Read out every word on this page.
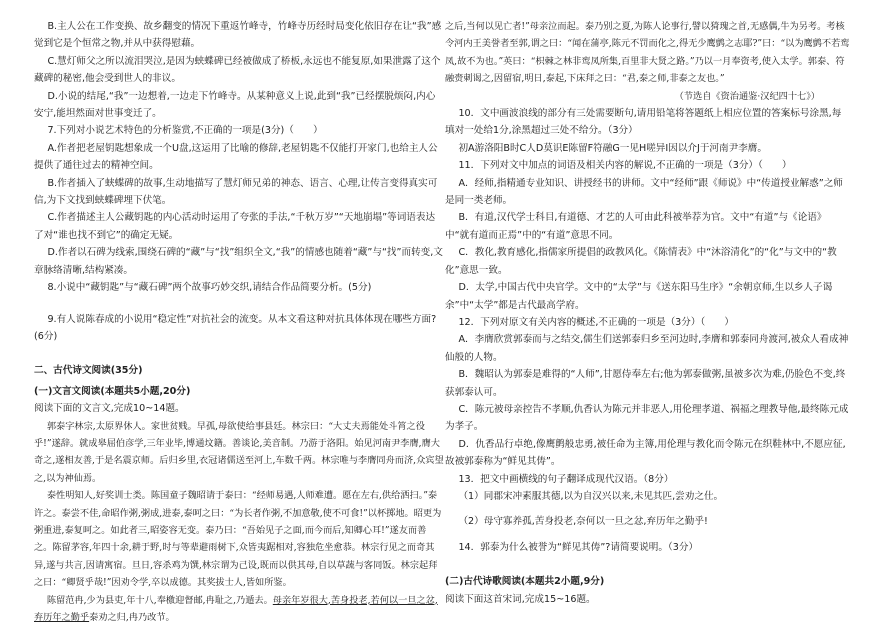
B.主人公在工作变换、故乡翻变的情况下重返竹峰寺，竹峰寺历经时局变化依旧存在让“我”感觉到它是个恒常之物,并从中获得慰藉。

C.慧灯师父之所以流泪哭泣,是因为蛱蝶碑已经被做成了桥板,永远也不能复原,如果泄露了这个藏碑的秘密,他会受到世人的非议。

D.小说的结尾,“我”一边想着,一边走下竹峰寺。从某种意义上说,此到“我”已经摆脱烦闷,内心安宁,能坦然面对世事变迁了。

7.下列对小说艺术特色的分析鉴赏,不正确的一项是(3分)（　　）

A.作者把老屋钥匙想象成一个U盘,这运用了比喻的修辞,老屋钥匙不仅能打开家门,也给主人公提供了通往过去的精神空间。

B.作者插入了蛱蝶碑的故事,生动地描写了慧灯师兄弟的神态、语言、心理,让传言变得真实可信,为下文找到蛱蝶碑埋下伏笔。

C.作者描述主人公藏钥匙的内心活动时运用了夸张的手法,“千秋万岁”“天地崩塌”等词语表达了对“谁也找不到它”的确定无疑。

D.作者以石碑为线索,围绕石碑的“藏”与“找”组织全文,“我”的情感也随着“藏”与“找”而转变,文章脉络清晰,结构紧凑。

8.小说中“藏钥匙”与“藏石碑”两个故事巧妙交织,请结合作品简要分析。(5分)

9.有人说陈春成的小说用“稳定性”对抗社会的流变。从本文看这种对抗具体体现在哪些方面?(6分)

二、古代诗文阅读(35分)

(一)文言文阅读(本题共5小题,20分)

阅读下面的文言文,完成10~14题。

郭泰字林宗,太原界休人。家世贫贱。早孤,母欲使给事县廷。林宗曰：“大丈夫焉能处斗筲之役乎!”遂辞。就成皋屈伯彦学,三年业毕,博通坟籍。善谈论,美音制。乃游于洛阳。始见河南尹李膺,膺大奇之,遂相友善,于是名震京师。后归乡里,衣冠诸儒送至河上,车数千两。林宗唯与李膺同舟而济,众宾望之,以为神仙焉。

泰性明知人,好奖训士类。陈国童子魏昭请于泰曰：“经师易遇,人师难遭。愿在左右,供给洒扫。”泰许之。泰尝不佳,命昭作粥,粥成,进泰,泰呵之曰：“为长者作粥,不加意敬,使不可食!”以杯掷地。昭更为粥重进,泰复呵之。如此者三,昭姿容无变。泰乃曰：“吾始见子之面,而今而后,知卿心耳!”遂友而善之。陈留茅容,年四十余,耕于野,时与等辈避雨树下,众皆夷踞相对,容独危坐愈恭。林宗行见之而奇其异,遂与共言,因请寓宿。旦日,容杀鸡为馔,林宗谓为己设,既而以供其母,自以草蔬与客同饭。林宗起拜之曰：“卿贤乎哉!”因劝令学,卒以成德。其奖拔士人,皆如所鉴。

陈留范冉,少为县吏,年十八,奉檄迎督邮,冉耻之,乃遁去。母亲年岁很大,苦身投老,若何以一旦之忿,弃历年之勤乎泰劝之归,冉乃改节。

之后,当何以见亡者!”母亲泣而起。泰乃别之夏,为陈人论事行,譬以猗瑰之首,无感偶,牛为另考。考核令河内王美誉者至郭,谓之曰：“闻在蒲亭,陈元不罚而化之,得无少鹰鹯之志耶?”曰：“以为鹰鹯不若鸾凤,故不为也。”英曰：“枳棘之林非鸾凤所集,百里非大贤之路。”乃以一月奉资考,使入太学。郭泰、符融赍刺谒之,因留宿,明日,泰起,下床拜之曰：“君,泰之师,非泰之友也。”

（节选自《资治通鉴·汉纪四十七》）

10．文中画波浪线的部分有三处需要断句,请用铅笔将答题纸上相应位置的答案标号涂黑,每填对一处给1分,涂黑超过三处不给分。（3分）

初A游洛阳B时C人D莫识E陈留F符融G一见H嗟异I因以介J于河南尹李膺。

11．下列对文中加点的词语及相关内容的解说,不正确的一项是（3分）（　　）

A．经师,指精通专业知识、讲授经书的讲师。文中“经师”跟《师说》中“传道授业解惑”之师是同一类老师。

B．有道,汉代学士科目,有道德、才艺的人可由此科被举荐为官。文中“有道”与《论语》中“就有道而正焉”中的“有道”意思不同。

C．教化,教育感化,指儒家所提倡的政教风化。《陈情表》中“沐浴清化”的“化”与文中的“教化”意思一致。

D．太学,中国古代中央官学。文中的“太学”与《送东阳马生序》“余朝京师,生以乡人子谒余”中“太学”都是古代最高学府。

12．下列对原文有关内容的概述,不正确的一项是（3分）（　　）

A．李膺欣赏郭泰而与之结交,儒生们送郭泰归乡至河边时,李膺和郭泰同舟渡河,被众人看成神仙般的人物。

B．魏昭认为郭泰是难得的“人师”,甘愿侍奉左右;他为郭泰做粥,虽被多次为难,仍脸色不变,终获郭泰认可。

C．陈元被母亲控告不孝顺,仇香认为陈元并非恶人,用伦理孝道、祸福之理教导他,最终陈元成为孝子。

D．仇香品行卓绝,像鹰鹯般忠勇,被任命为主簿,用伦理与教化而令陈元在织鞋林中,不愿应征,故被郭泰称为“鲜见其俦”。

13．把文中画横线的句子翻译成现代汉语。（8分）

（1）同郡宋冲素服其德,以为自汉兴以来,未见其匹,尝劝之仕。

（2）母守寡养孤,苦身投老,奈何以一旦之忿,弃历年之勤乎!

14．郭泰为什么被誉为“鲜见其俦”?请简要说明。（3分）

(二)古代诗歌阅读(本题共2小题,9分)

阅读下面这首宋词,完成15~16题。
